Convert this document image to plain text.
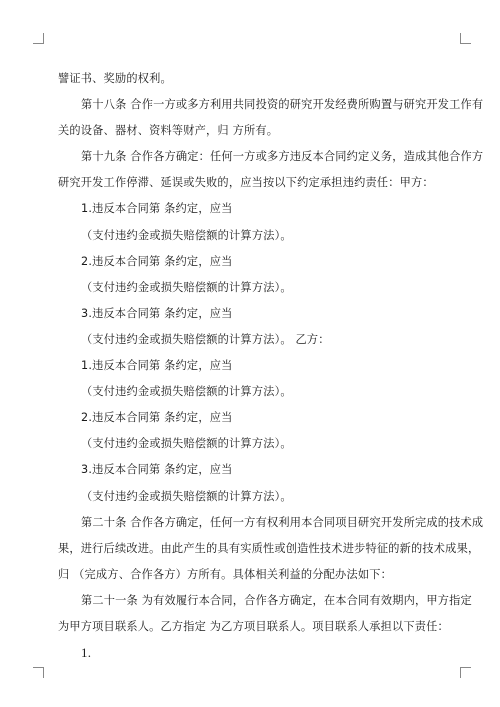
譬证书、奖励的权利。
第十八条 合作一方或多方利用共同投资的研究开发经费所购置与研究开发工作有
关的设备、器材、资料等财产，归 方所有。
第十九条 合作各方确定：任何一方或多方违反本合同约定义务，造成其他合作方
研究开发工作停滞、延误或失败的，应当按以下约定承担违约责任：甲方：
1.违反本合同第 条约定，应当
（支付违约金或损失赔偿额的计算方法）。
2.违反本合同第 条约定，应当
（支付违约金或损失赔偿额的计算方法）。
3.违反本合同第 条约定，应当
（支付违约金或损失赔偿额的计算方法）。 乙方：
1.违反本合同第 条约定，应当
（支付违约金或损失赔偿额的计算方法）。
2.违反本合同第 条约定，应当
（支付违约金或损失赔偿额的计算方法）。
3.违反本合同第 条约定，应当
（支付违约金或损失赔偿额的计算方法）。
第二十条 合作各方确定，任何一方有权利用本合同项目研究开发所完成的技术成
果，进行后续改进。由此产生的具有实质性或创造性技术进步特征的新的技术成果，
归 （完成方、合作各方）方所有。具体相关利益的分配办法如下：
第二十一条 为有效履行本合同，合作各方确定，在本合同有效期内，甲方指定
为甲方项目联系人。乙方指定 为乙方项目联系人。项目联系人承担以下责任：
1.
